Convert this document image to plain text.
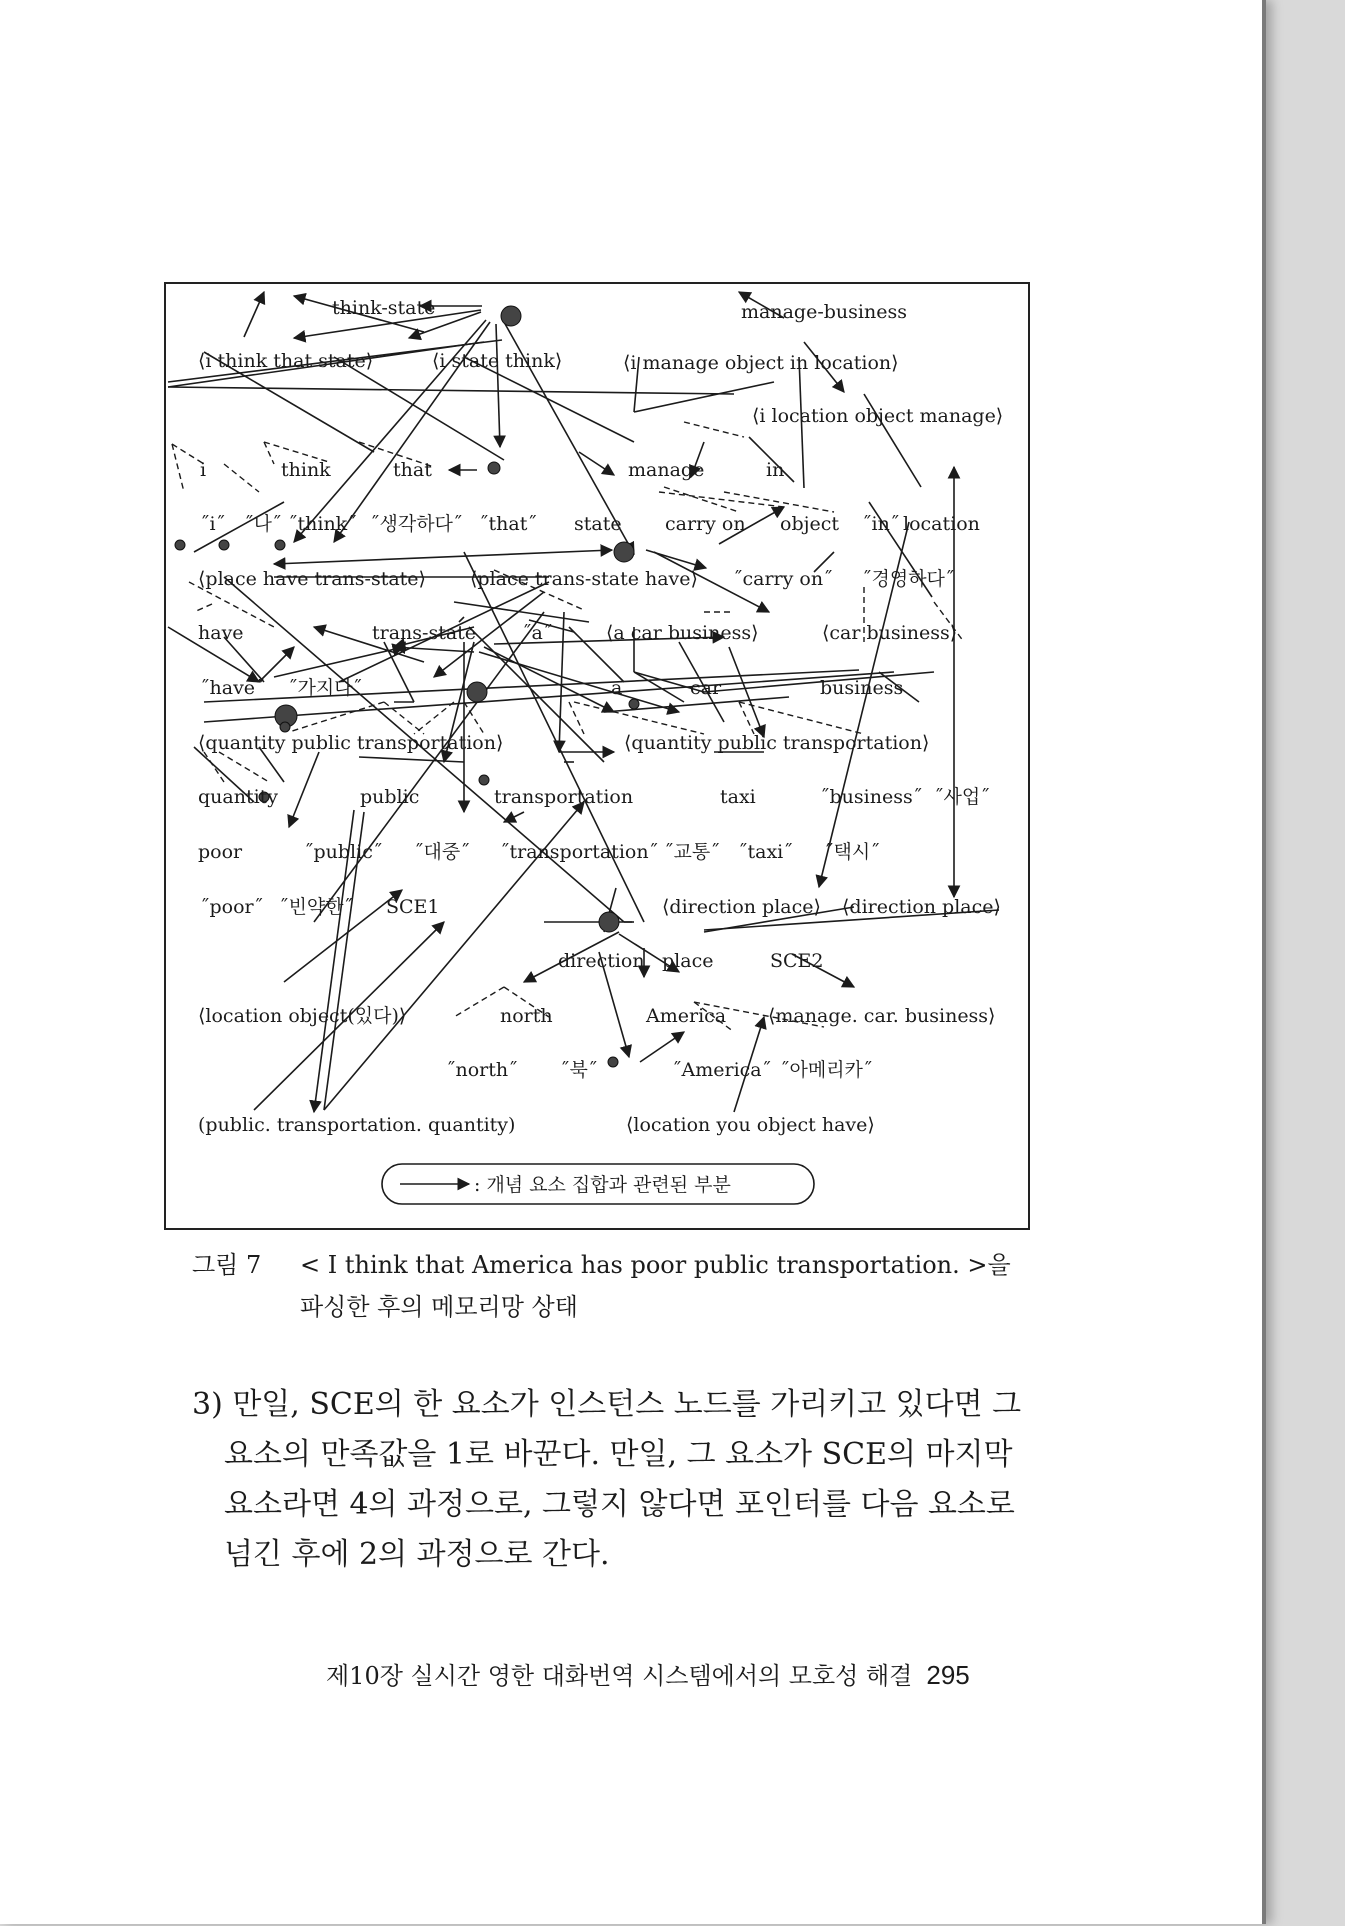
think-state	manage-business
⟨i think that state⟩	⟨i state think⟩	⟨i manage object in location⟩
⟨i location object manage⟩
i	think	that	manage	in
˝i˝ ˝나˝ ˝think˝ ˝생각하다˝ ˝that˝ state carry on object ˝in˝ location
⟨place have trans-state⟩ ⟨place trans-state have⟩ ˝carry on˝ ˝경영하다˝
have	trans-state ˝a˝	⟨a car business⟩	⟨car business⟩
˝have˝ ˝가지다˝	a	car	business
⟨quantity public transportation⟩	⟨quantity public transportation⟩
quantity	public	transportation	taxi	˝business˝ ˝사업˝
poor	˝public˝ ˝대중˝ ˝transportation˝ ˝교통˝ ˝taxi˝ ˝택시˝
˝poor˝ ˝빈약한˝ SCE1	⟨direction place⟩ ⟨direction place⟩
direction place	SCE2
⟨location object(있다)⟩	north	America ⟨manage. car. business⟩
˝north˝ ˝북˝	˝America˝ ˝아메리카˝
(public. transportation. quantity)	⟨location you object have⟩
: 개념 요소 집합과 관련된 부분
그림 7 < I think that America has poor public transportation. >을
파싱한 후의 메모리망 상태
3) 만일, SCE의 한 요소가 인스턴스 노드를 가리키고 있다면 그
요소의 만족값을 1로 바꾼다. 만일, 그 요소가 SCE의 마지막
요소라면 4의 과정으로, 그렇지 않다면 포인터를 다음 요소로
넘긴 후에 2의 과정으로 간다.
제10장 실시간 영한 대화번역 시스템에서의 모호성 해결 295
